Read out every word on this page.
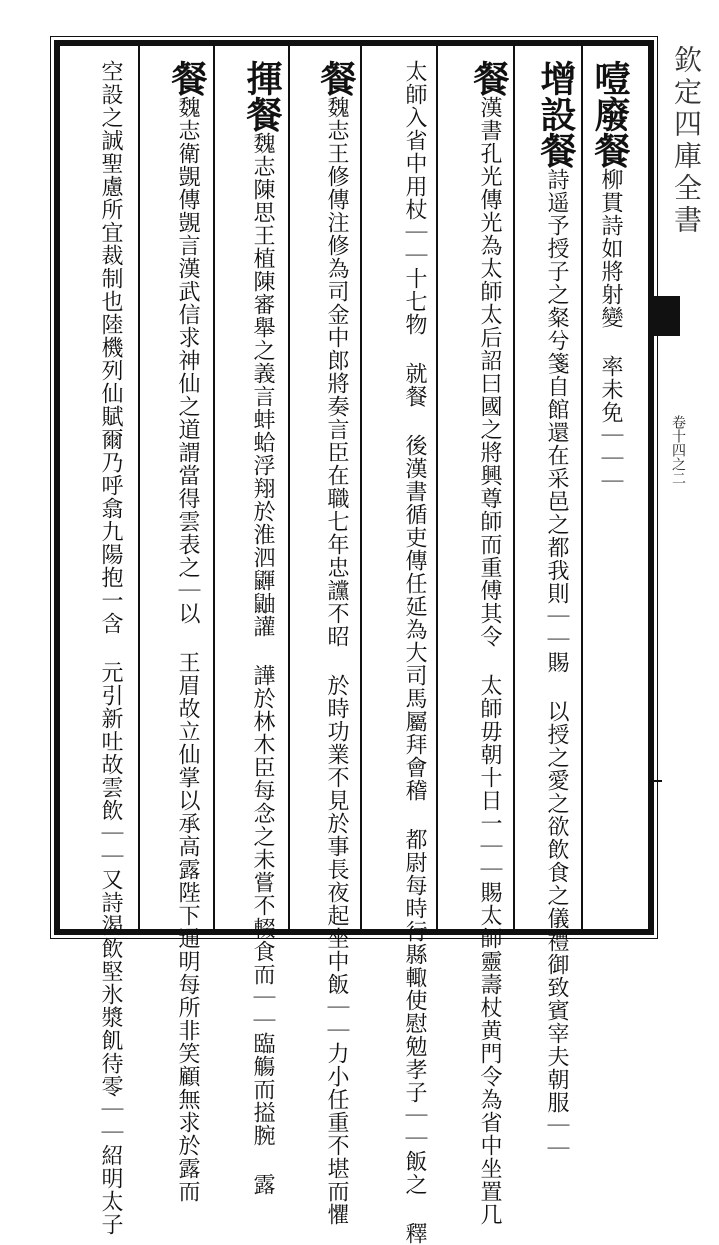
噎廢餐柳貫詩如將射變 率未免｜｜｜
增設餐詩遥予授子之粲兮箋自館還在采邑之都我則｜｜賜 以授之愛之欲飲食之儀禮御致賓宰夫朝服｜｜
餐漢書孔光傳光為太師太后詔曰國之將興尊師而重傅其令 太師毋朝十日一｜｜賜太師靈壽杖黄門令為省中坐置几
太師入省中用杖｜｜十七物 就餐 後漢書循吏傳任延為大司馬屬拜會稽 都尉每時行縣輙使慰勉孝子｜｜飯之 釋
餐魏志王修傳注修為司金中郎將奏言臣在職七年忠讜不昭 於時功業不見於事長夜起坐中飯｜｜力小任重不堪而懼
揮餐魏志陳思王植陳審舉之義言蚌蛤浮翔於淮泗鼲鼬讙 譁於林木臣每念之未嘗不輟食而｜｜臨觴而搤腕 露
餐魏志衛覬傳覬言漢武信求神仙之道謂當得雲表之｜以 王眉故立仙掌以承高露陛下通明每所非笑顧無求於露而
空設之誠聖慮所宜裁制也陸機列仙賦爾乃呼翕九陽抱一含 元引新吐故雲飲｜｜又詩渴飲堅氷漿飢待零｜｜紹明太子	欽定四庫全書
卷十四之二
